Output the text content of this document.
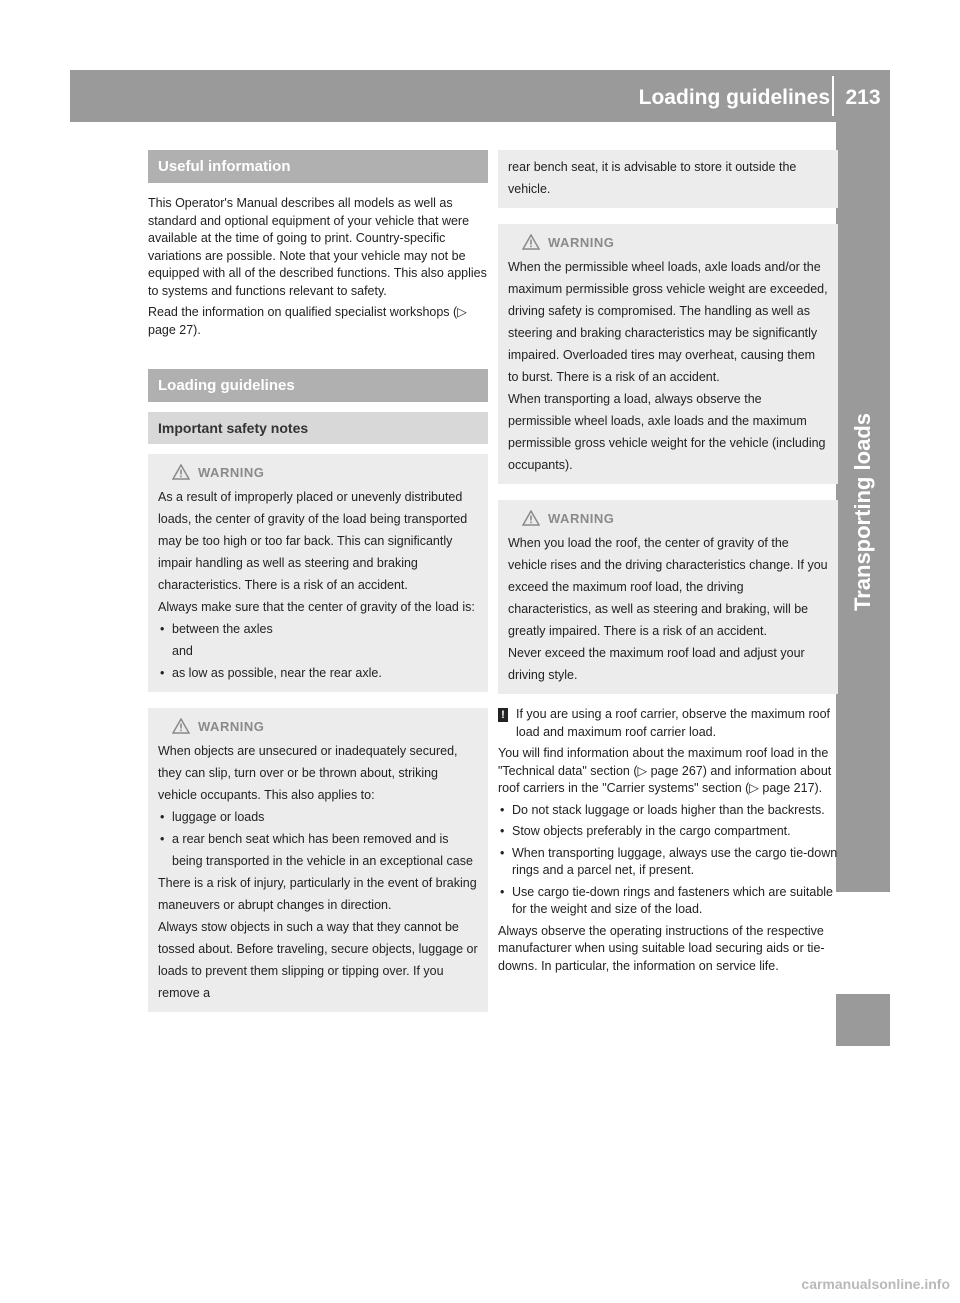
Loading guidelines 213
Transporting loads
Useful information

This Operator's Manual describes all models as well as standard and optional equipment of your vehicle that were available at the time of going to print. Country-specific variations are possible. Note that your vehicle may not be equipped with all of the described functions. This also applies to systems and functions relevant to safety.

Read the information on qualified specialist workshops (▷ page 27).

Loading guidelines
Important safety notes
WARNING

As a result of improperly placed or unevenly distributed loads, the center of gravity of the load being transported may be too high or too far back. This can significantly impair handling as well as steering and braking characteristics. There is a risk of an accident.

Always make sure that the center of gravity of the load is:

• between the axles
and
• as low as possible, near the rear axle.
WARNING

When objects are unsecured or inadequately secured, they can slip, turn over or be thrown about, striking vehicle occupants. This also applies to:

• luggage or loads
• a rear bench seat which has been removed and is being transported in the vehicle in an exceptional case

There is a risk of injury, particularly in the event of braking maneuvers or abrupt changes in direction.

Always stow objects in such a way that they cannot be tossed about. Before traveling, secure objects, luggage or loads to prevent them slipping or tipping over. If you remove a

rear bench seat, it is advisable to store it outside the vehicle.

WARNING

When the permissible wheel loads, axle loads and/or the maximum permissible gross vehicle weight are exceeded, driving safety is compromised. The handling as well as steering and braking characteristics may be significantly impaired. Overloaded tires may overheat, causing them to burst. There is a risk of an accident.

When transporting a load, always observe the permissible wheel loads, axle loads and the maximum permissible gross vehicle weight for the vehicle (including occupants).

WARNING

When you load the roof, the center of gravity of the vehicle rises and the driving characteristics change. If you exceed the maximum roof load, the driving characteristics, as well as steering and braking, will be greatly impaired. There is a risk of an accident.

Never exceed the maximum roof load and adjust your driving style.

! If you are using a roof carrier, observe the maximum roof load and maximum roof carrier load.

You will find information about the maximum roof load in the "Technical data" section (▷ page 267) and information about roof carriers in the "Carrier systems" section (▷ page 217).

• Do not stack luggage or loads higher than the backrests.
• Stow objects preferably in the cargo compartment.
• When transporting luggage, always use the cargo tie-down rings and a parcel net, if present.
• Use cargo tie-down rings and fasteners which are suitable for the weight and size of the load.

Always observe the operating instructions of the respective manufacturer when using suitable load securing aids or tie-downs. In particular, the information on service life.

carmanualsonline.info
